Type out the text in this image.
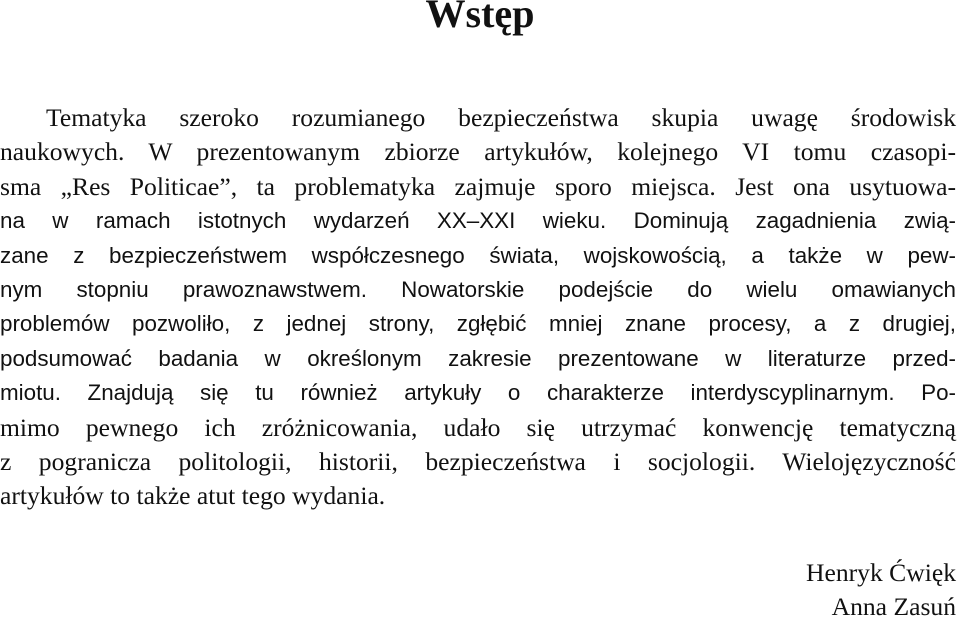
Wstęp
Tematyka szeroko rozumianego bezpieczeństwa skupia uwagę środowisk
naukowych. W prezentowanym zbiorze artykułów, kolejnego VI tomu czasopi-
sma „Res Politicae”, ta problematyka zajmuje sporo miejsca. Jest ona usytuowa-
na w ramach istotnych wydarzeń XX–XXI wieku. Dominują zagadnienia zwią-
zane z bezpieczeństwem współczesnego świata, wojskowością, a także w pew-
nym stopniu prawoznawstwem. Nowatorskie podejście do wielu omawianych
problemów pozwoliło, z jednej strony, zgłębić mniej znane procesy, a z drugiej,
podsumować badania w określonym zakresie prezentowane w literaturze przed-
miotu. Znajdują się tu również artykuły o charakterze interdyscyplinarnym. Po-
mimo pewnego ich zróżnicowania, udało się utrzymać konwencję tematyczną
z pogranicza politologii, historii, bezpieczeństwa i socjologii. Wielojęzyczność
artykułów to także atut tego wydania.
Henryk Ćwięk
Anna Zasuń
